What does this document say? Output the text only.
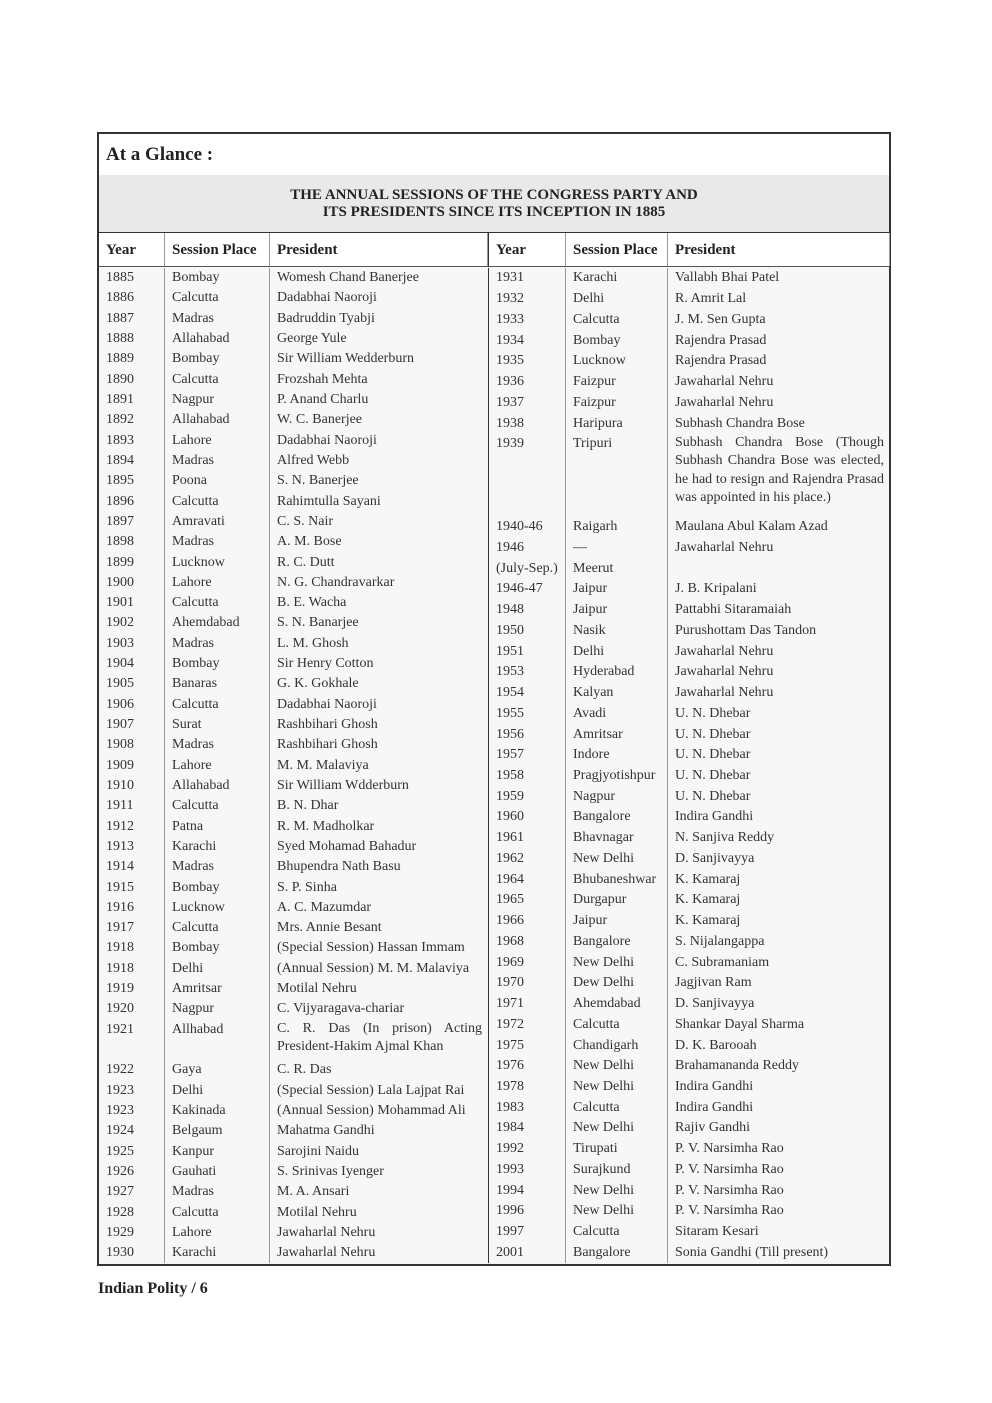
At a Glance :
THE ANNUAL SESSIONS OF THE CONGRESS PARTY AND
ITS PRESIDENTS SINCE ITS INCEPTION IN 1885
Year	Session Place	President	Year	Session Place	President
1885	Bombay	Womesh Chand Banerjee
1886	Calcutta	Dadabhai Naoroji
1887	Madras	Badruddin Tyabji
1888	Allahabad	George Yule
1889	Bombay	Sir William Wedderburn
1890	Calcutta	Frozshah Mehta
1891	Nagpur	P. Anand Charlu
1892	Allahabad	W. C. Banerjee
1893	Lahore	Dadabhai Naoroji
1894	Madras	Alfred Webb
1895	Poona	S. N. Banerjee
1896	Calcutta	Rahimtulla Sayani
1897	Amravati	C. S. Nair
1898	Madras	A. M. Bose
1899	Lucknow	R. C. Dutt
1900	Lahore	N. G. Chandravarkar
1901	Calcutta	B. E. Wacha
1902	Ahemdabad	S. N. Banarjee
1903	Madras	L. M. Ghosh
1904	Bombay	Sir Henry Cotton
1905	Banaras	G. K. Gokhale
1906	Calcutta	Dadabhai Naoroji
1907	Surat	Rashbihari Ghosh
1908	Madras	Rashbihari Ghosh
1909	Lahore	M. M. Malaviya
1910	Allahabad	Sir William Wdderburn
1911	Calcutta	B. N. Dhar
1912	Patna	R. M. Madholkar
1913	Karachi	Syed Mohamad Bahadur
1914	Madras	Bhupendra Nath Basu
1915	Bombay	S. P. Sinha
1916	Lucknow	A. C. Mazumdar
1917	Calcutta	Mrs. Annie Besant
1918	Bombay	(Special Session) Hassan Immam
1918	Delhi	(Annual Session) M. M. Malaviya
1919	Amritsar	Motilal Nehru
1920	Nagpur	C. Vijyaragava-chariar
1921	Allhabad	C. R. Das (In prison) Acting President-Hakim Ajmal Khan
1922	Gaya	C. R. Das
1923	Delhi	(Special Session) Lala Lajpat Rai
1923	Kakinada	(Annual Session) Mohammad Ali
1924	Belgaum	Mahatma Gandhi
1925	Kanpur	Sarojini Naidu
1926	Gauhati	S. Srinivas Iyenger
1927	Madras	M. A. Ansari
1928	Calcutta	Motilal Nehru
1929	Lahore	Jawaharlal Nehru
1930	Karachi	Jawaharlal Nehru
1931	Karachi	Vallabh Bhai Patel
1932	Delhi	R. Amrit Lal
1933	Calcutta	J. M. Sen Gupta
1934	Bombay	Rajendra Prasad
1935	Lucknow	Rajendra Prasad
1936	Faizpur	Jawaharlal Nehru
1937	Faizpur	Jawaharlal Nehru
1938	Haripura	Subhash Chandra Bose
1939	Tripuri	Subhash Chandra Bose (Though Subhash Chandra Bose was elected, he had to resign and Rajendra Prasad was appointed in his place.)
1940-46	Raigarh	Maulana Abul Kalam Azad
1946	—	Jawaharlal Nehru
(July-Sep.)	Meerut
1946-47	Jaipur	J. B. Kripalani
1948	Jaipur	Pattabhi Sitaramaiah
1950	Nasik	Purushottam Das Tandon
1951	Delhi	Jawaharlal Nehru
1953	Hyderabad	Jawaharlal Nehru
1954	Kalyan	Jawaharlal Nehru
1955	Avadi	U. N. Dhebar
1956	Amritsar	U. N. Dhebar
1957	Indore	U. N. Dhebar
1958	Pragjyotishpur	U. N. Dhebar
1959	Nagpur	U. N. Dhebar
1960	Bangalore	Indira Gandhi
1961	Bhavnagar	N. Sanjiva Reddy
1962	New Delhi	D. Sanjivayya
1964	Bhubaneshwar	K. Kamaraj
1965	Durgapur	K. Kamaraj
1966	Jaipur	K. Kamaraj
1968	Bangalore	S. Nijalangappa
1969	New Delhi	C. Subramaniam
1970	Dew Delhi	Jagjivan Ram
1971	Ahemdabad	D. Sanjivayya
1972	Calcutta	Shankar Dayal Sharma
1975	Chandigarh	D. K. Barooah
1976	New Delhi	Brahamananda Reddy
1978	New Delhi	Indira Gandhi
1983	Calcutta	Indira Gandhi
1984	New Delhi	Rajiv Gandhi
1992	Tirupati	P. V. Narsimha Rao
1993	Surajkund	P. V. Narsimha Rao
1994	New Delhi	P. V. Narsimha Rao
1996	New Delhi	P. V. Narsimha Rao
1997	Calcutta	Sitaram Kesari
2001	Bangalore	Sonia Gandhi (Till present)
Indian Polity / 6
